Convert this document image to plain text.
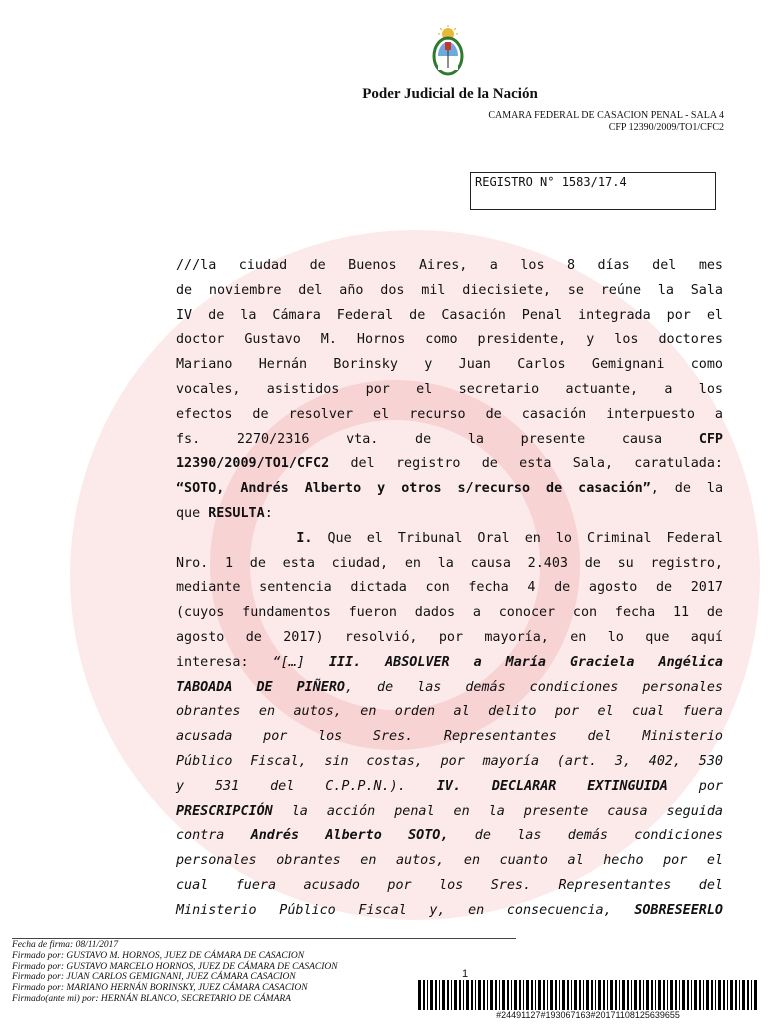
Poder Judicial de la Nación
CAMARA FEDERAL DE CASACION PENAL - SALA 4
CFP 12390/2009/TO1/CFC2
REGISTRO N° 1583/17.4
///la ciudad de Buenos Aires, a los 8 días del mes
de noviembre del año dos mil diecisiete, se reúne la Sala
IV de la Cámara Federal de Casación Penal integrada por el
doctor Gustavo M. Hornos como presidente, y los doctores
Mariano Hernán Borinsky y Juan Carlos Gemignani como
vocales, asistidos por el secretario actuante, a los
efectos de resolver el recurso de casación interpuesto a
fs. 2270/2316 vta. de la presente causa CFP
12390/2009/TO1/CFC2 del registro de esta Sala, caratulada:
“SOTO, Andrés Alberto y otros s/recurso de casación”, de la
que RESULTA:
I. Que el Tribunal Oral en lo Criminal Federal
Nro. 1 de esta ciudad, en la causa 2.403 de su registro,
mediante sentencia dictada con fecha 4 de agosto de 2017
(cuyos fundamentos fueron dados a conocer con fecha 11 de
agosto de 2017) resolvió, por mayoría, en lo que aquí
interesa: “[…] III. ABSOLVER a María Graciela Angélica
TABOADA DE PIÑERO, de las demás condiciones personales
obrantes en autos, en orden al delito por el cual fuera
acusada por los Sres. Representantes del Ministerio
Público Fiscal, sin costas, por mayoría (art. 3, 402, 530
y 531 del C.P.P.N.). IV. DECLARAR EXTINGUIDA por
PRESCRIPCIÓN la acción penal en la presente causa seguida
contra Andrés Alberto SOTO, de las demás condiciones
personales obrantes en autos, en cuanto al hecho por el
cual fuera acusado por los Sres. Representantes del
Ministerio Público Fiscal y, en consecuencia, SOBRESEERLO
Fecha de firma: 08/11/2017
Firmado por: GUSTAVO M. HORNOS, JUEZ DE CÁMARA DE CASACION
Firmado por: GUSTAVO MARCELO HORNOS, JUEZ DE CÁMARA DE CASACION
Firmado por: JUAN CARLOS GEMIGNANI, JUEZ CÁMARA CASACION
Firmado por: MARIANO HERNÁN BORINSKY, JUEZ CÁMARA CASACION
Firmado(ante mi) por: HERNÁN BLANCO, SECRETARIO DE CÁMARA
1
#24491127#193067163#20171108125639655
